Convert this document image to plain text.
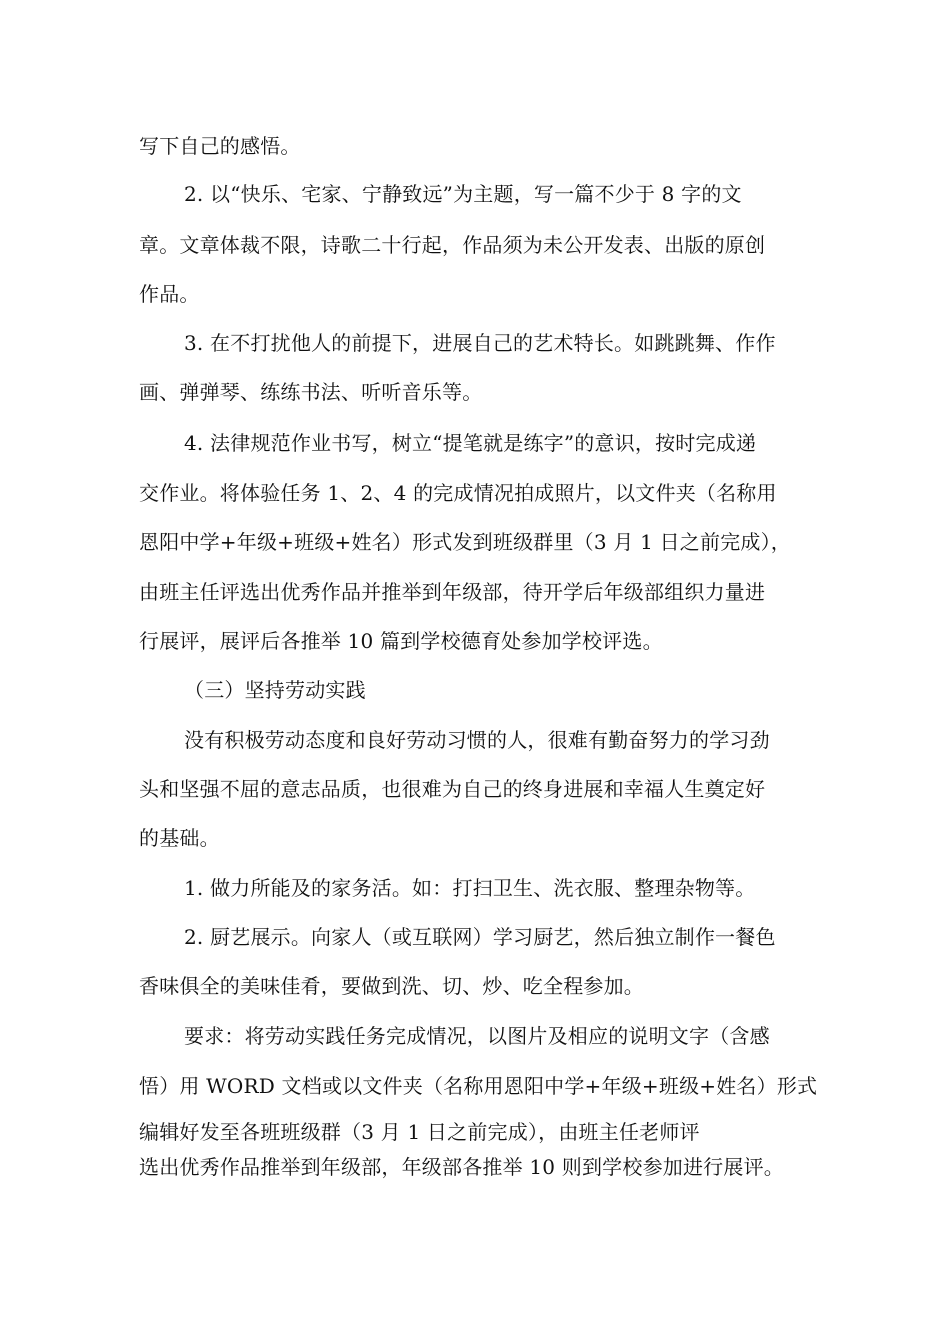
写下自己的感悟。
2. 以“快乐、宅家、宁静致远”为主题，写一篇不少于 8 字的文
章。文章体裁不限，诗歌二十行起，作品须为未公开发表、出版的原创
作品。
3. 在不打扰他人的前提下，进展自己的艺术特长。如跳跳舞、作作
画、弹弹琴、练练书法、听听音乐等。
4. 法律规范作业书写，树立“提笔就是练字”的意识，按时完成递
交作业。将体验任务 1、2、4 的完成情况拍成照片，以文件夹（名称用
恩阳中学+年级+班级+姓名）形式发到班级群里（3 月 1 日之前完成），
由班主任评选出优秀作品并推举到年级部，待开学后年级部组织力量进
行展评，展评后各推举 10 篇到学校德育处参加学校评选。
（三）坚持劳动实践
没有积极劳动态度和良好劳动习惯的人，很难有勤奋努力的学习劲
头和坚强不屈的意志品质，也很难为自己的终身进展和幸福人生奠定好
的基础。
1. 做力所能及的家务活。如：打扫卫生、洗衣服、整理杂物等。
2. 厨艺展示。向家人（或互联网）学习厨艺，然后独立制作一餐色
香味俱全的美味佳肴，要做到洗、切、炒、吃全程参加。
要求：将劳动实践任务完成情况，以图片及相应的说明文字（含感
悟）用 WORD 文档或以文件夹（名称用恩阳中学+年级+班级+姓名）形式
编辑好发至各班班级群（3 月 1 日之前完成），由班主任老师评
选出优秀作品推举到年级部，年级部各推举 10 则到学校参加进行展评。
